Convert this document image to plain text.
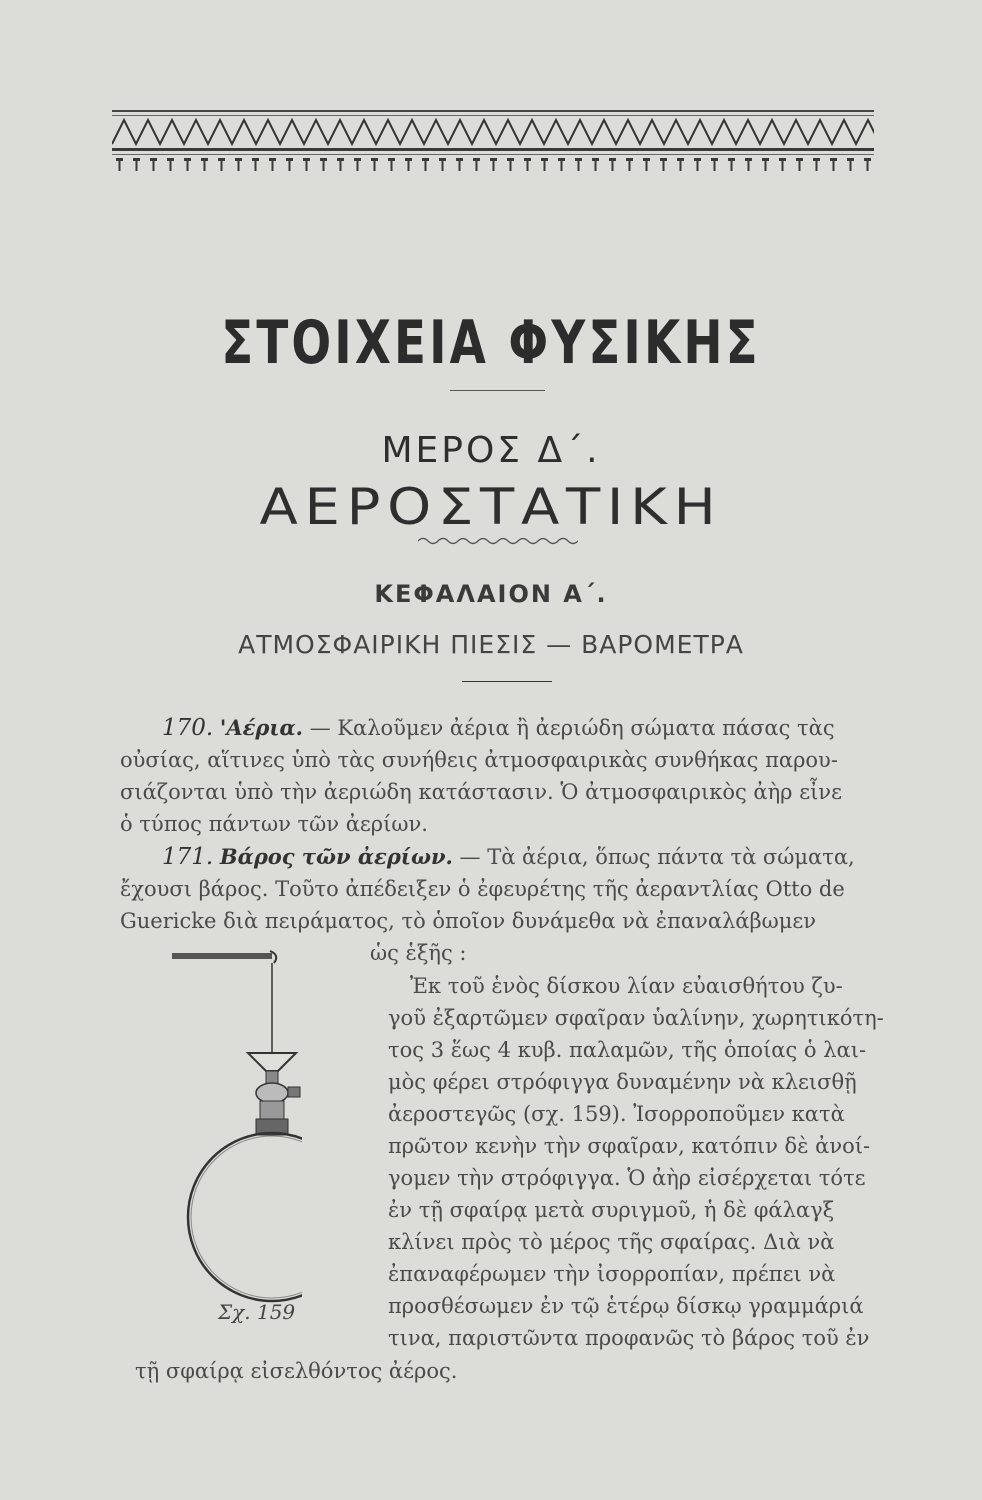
ΣΤΟΙΧΕΙΑ ΦΥΣΙΚΗΣ
ΜΕΡΟΣ Δ΄.
ΑΕΡΟΣΤΑΤΙΚΗ
ΚΕΦΑΛΑΙΟΝ Α΄.
ΑΤΜΟΣΦΑΙΡΙΚΗ ΠΙΕΣΙΣ — ΒΑΡΟΜΕΤΡΑ
170. 'Αέρια. — Καλοῦμεν ἀέρια ἢ ἀεριώδη σώματα πάσας τὰς
οὐσίας, αἵτινες ὑπὸ τὰς συνήθεις ἀτμοσφαιρικὰς συνθήκας παρου-
σιάζονται ὑπὸ τὴν ἀεριώδη κατάστασιν. Ὁ ἀτμοσφαιρικὸς ἀὴρ εἶνε
ὁ τύπος πάντων τῶν ἀερίων.
171. Βάρος τῶν ἀερίων. — Τὰ ἀέρια, ὅπως πάντα τὰ σώματα,
ἔχουσι βάρος. Τοῦτο ἀπέδειξεν ὁ ἐφευρέτης τῆς ἀεραντλίας Otto de
Guericke διὰ πειράματος, τὸ ὁποῖον δυνάμεθα νὰ ἐπαναλάβωμεν
ὡς ἑξῆς :
Ἐκ τοῦ ἑνὸς δίσκου λίαν εὐαισθήτου ζυ-
γοῦ ἐξαρτῶμεν σφαῖραν ὑαλίνην, χωρητικότη-
τος 3 ἕως 4 κυβ. παλαμῶν, τῆς ὁποίας ὁ λαι-
μὸς φέρει στρόφιγγα δυναμένην νὰ κλεισθῇ
ἀεροστεγῶς (σχ. 159). Ἰσορροποῦμεν κατὰ
πρῶτον κενὴν τὴν σφαῖραν, κατόπιν δὲ ἀνοί-
γομεν τὴν στρόφιγγα. Ὁ ἀὴρ εἰσέρχεται τότε
ἐν τῇ σφαίρᾳ μετὰ συριγμοῦ, ἡ δὲ φάλαγξ
κλίνει πρὸς τὸ μέρος τῆς σφαίρας. Διὰ νὰ
ἐπαναφέρωμεν τὴν ἰσορροπίαν, πρέπει νὰ
προσθέσωμεν ἐν τῷ ἑτέρῳ δίσκῳ γραμμάριά
τινα, παριστῶντα προφανῶς τὸ βάρος τοῦ ἐν
τῇ σφαίρᾳ εἰσελθόντος ἀέρος.
Σχ. 159
